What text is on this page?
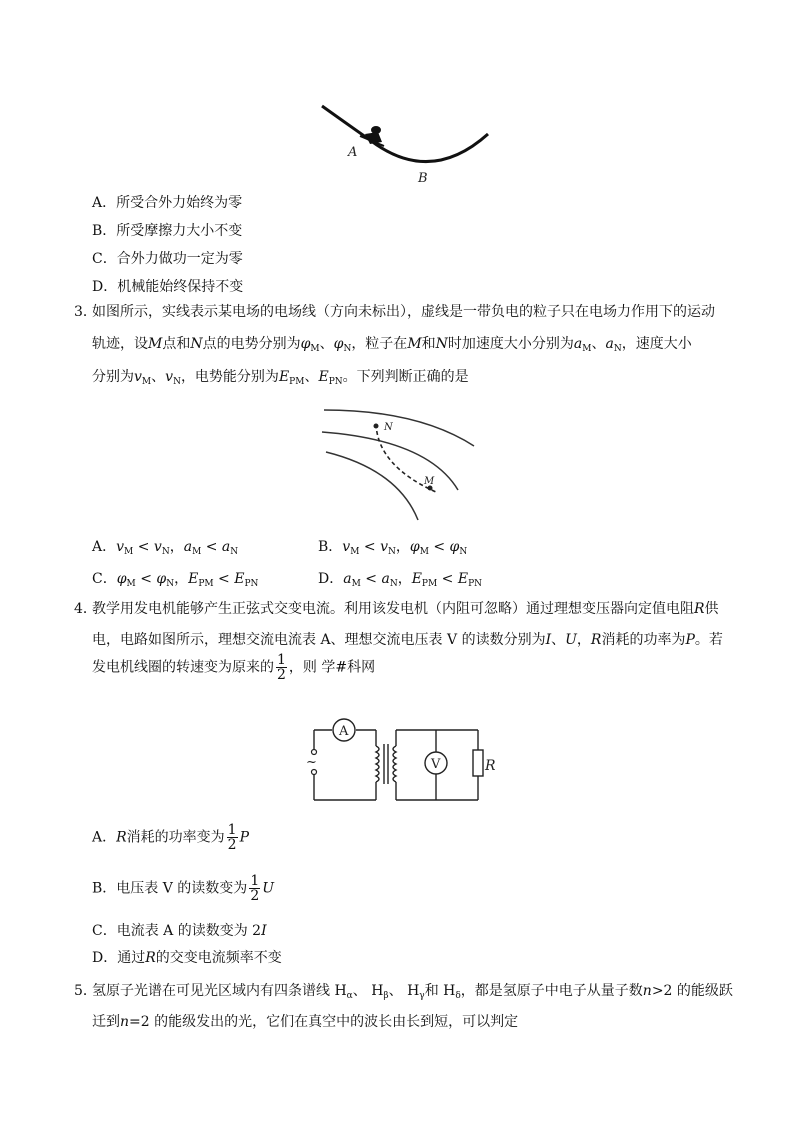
A
B
A．所受合外力始终为零
B．所受摩擦力大小不变
C．合外力做功一定为零
D．机械能始终保持不变
3．
如图所示，实线表示某电场的电场线（方向未标出），虚线是一带负电的粒子只在电场力作用下的运动
轨迹，设M点和N点的电势分别为$\varphi_M$、$\varphi_N$，粒子在M和N时加速度大小分别为$a_M$、$a_N$，速度大小
分别为$v_M$、$v_N$，电势能分别为$E_{PM}$、$E_{PN}$。下列判断正确的是
N
M
A．$v_M < v_N$，$a_M < a_N$	B．$v_M < v_N$，$\varphi_M < \varphi_N$
C．$\varphi_M < \varphi_N$，$E_{PM} < E_{PN}$	D．$a_M < a_N$，$E_{PM} < E_{PN}$
4．
教学用发电机能够产生正弦式交变电流。利用该发电机（内阻可忽略）通过理想变压器向定值电阻R供
电，电路如图所示，理想交流电流表 A、理想交流电压表 V 的读数分别为I、U，R消耗的功率为P。若
发电机线圈的转速变为原来的 $\frac{1}{2}$ ，则 学#科网
~
A
V	R
A．R消耗的功率变为 $\frac{1}{2}$ P
B．电压表 V 的读数变为 $\frac{1}{2}$ U
C．电流表 A 的读数变为 2I
D．通过R的交变电流频率不变
5．
氢原子光谱在可见光区域内有四条谱线 $H_\alpha$、 $H_\beta$、 $H_\gamma$和 $H_\delta$，都是氢原子中电子从量子数n>2 的能级跃
迁到n=2 的能级发出的光，它们在真空中的波长由长到短，可以判定
